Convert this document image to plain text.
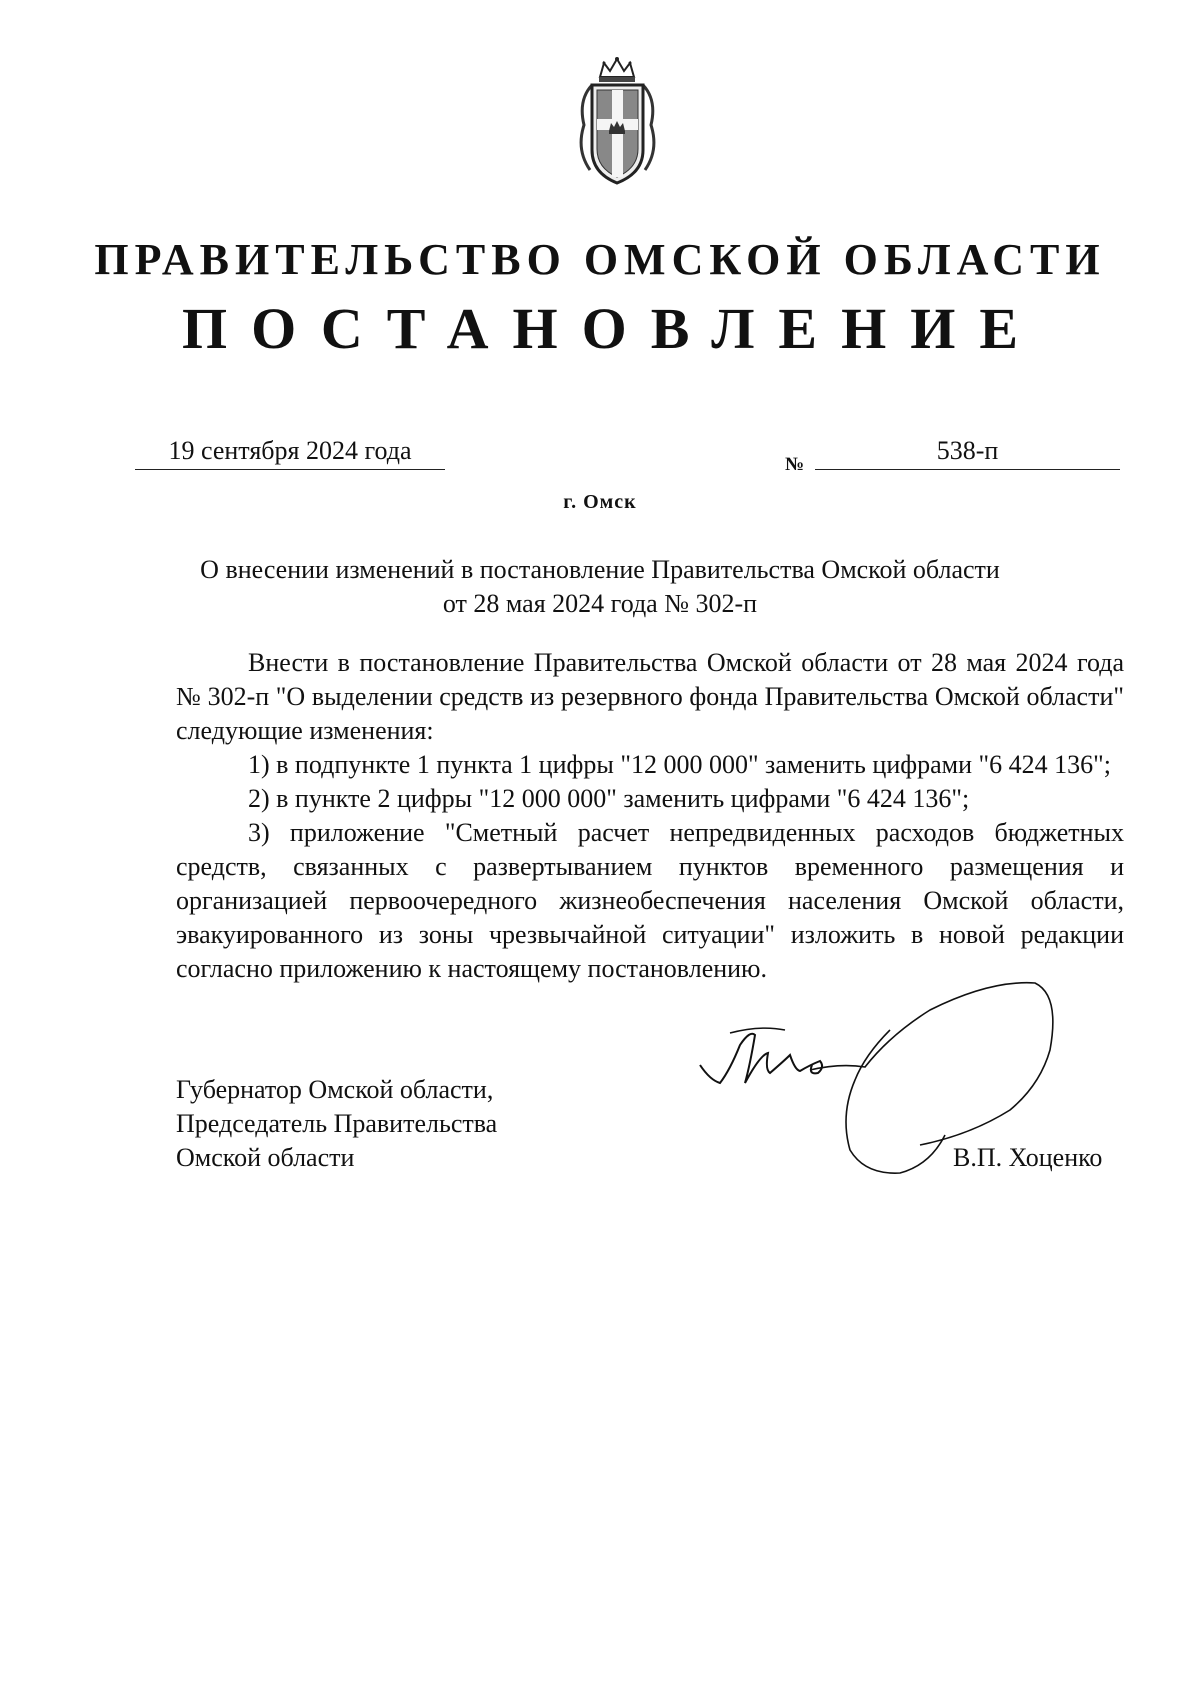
ПРАВИТЕЛЬСТВО ОМСКОЙ ОБЛАСТИ
ПОСТАНОВЛЕНИЕ
19 сентября 2024 года	№	538-п
г. Омск
О внесении изменений в постановление Правительства Омской области
от 28 мая 2024 года № 302-п

Внести в постановление Правительства Омской области от 28 мая 2024 года № 302-п "О выделении средств из резервного фонда Правительства Омской области" следующие изменения:

1) в подпункте 1 пункта 1 цифры "12 000 000" заменить цифрами "6 424 136";

2) в пункте 2 цифры "12 000 000" заменить цифрами "6 424 136";

3) приложение "Сметный расчет непредвиденных расходов бюджетных средств, связанных с развертыванием пунктов временного размещения и организацией первоочередного жизнеобеспечения населения Омской области, эвакуированного из зоны чрезвычайной ситуации" изложить в новой редакции согласно приложению к настоящему постановлению.

Губернатор Омской области,
Председатель Правительства
Омской области	В.П. Хоценко
